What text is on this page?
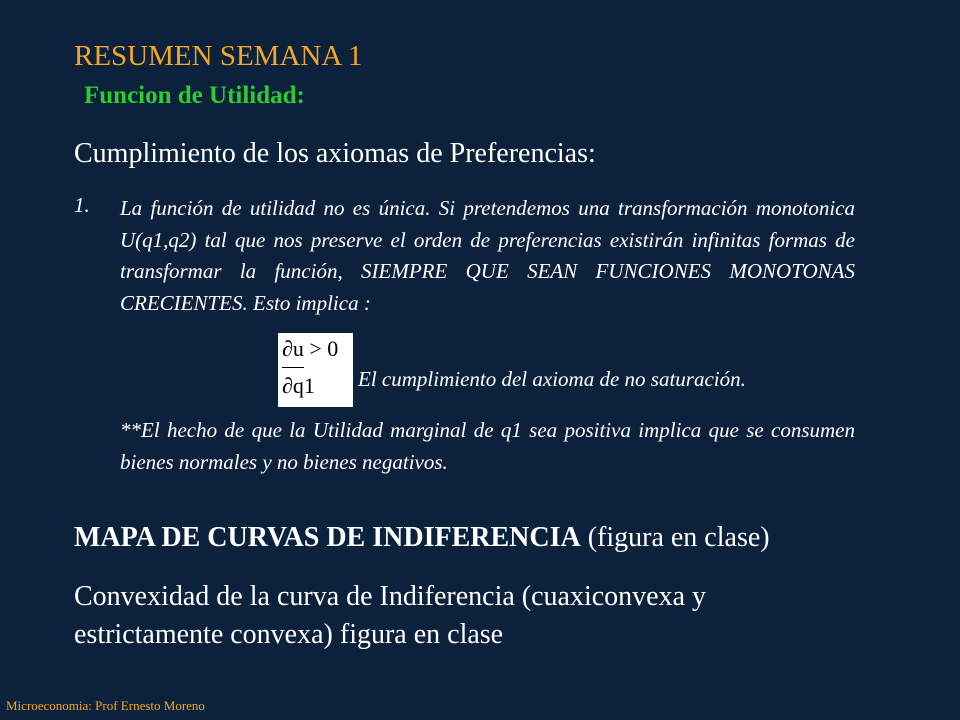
RESUMEN SEMANA 1
Funcion de Utilidad:
Cumplimiento de los axiomas de Preferencias:
1. La función de utilidad no es única. Si pretendemos una transformación monotonica U(q1,q2) tal que nos preserve el orden de preferencias existirán infinitas formas de transformar la función, SIEMPRE QUE SEAN FUNCIONES MONOTONAS CRECIENTES. Esto implica :
∂u > 0
∂q1 El cumplimiento del axioma de no saturación.
**El hecho de que la Utilidad marginal de q1 sea positiva implica que se consumen bienes normales y no bienes negativos.
MAPA DE CURVAS DE INDIFERENCIA (figura en clase)
Convexidad de la curva de Indiferencia (cuaxiconvexa y estrictamente convexa) figura en clase
Microeconomia: Prof Ernesto Moreno
